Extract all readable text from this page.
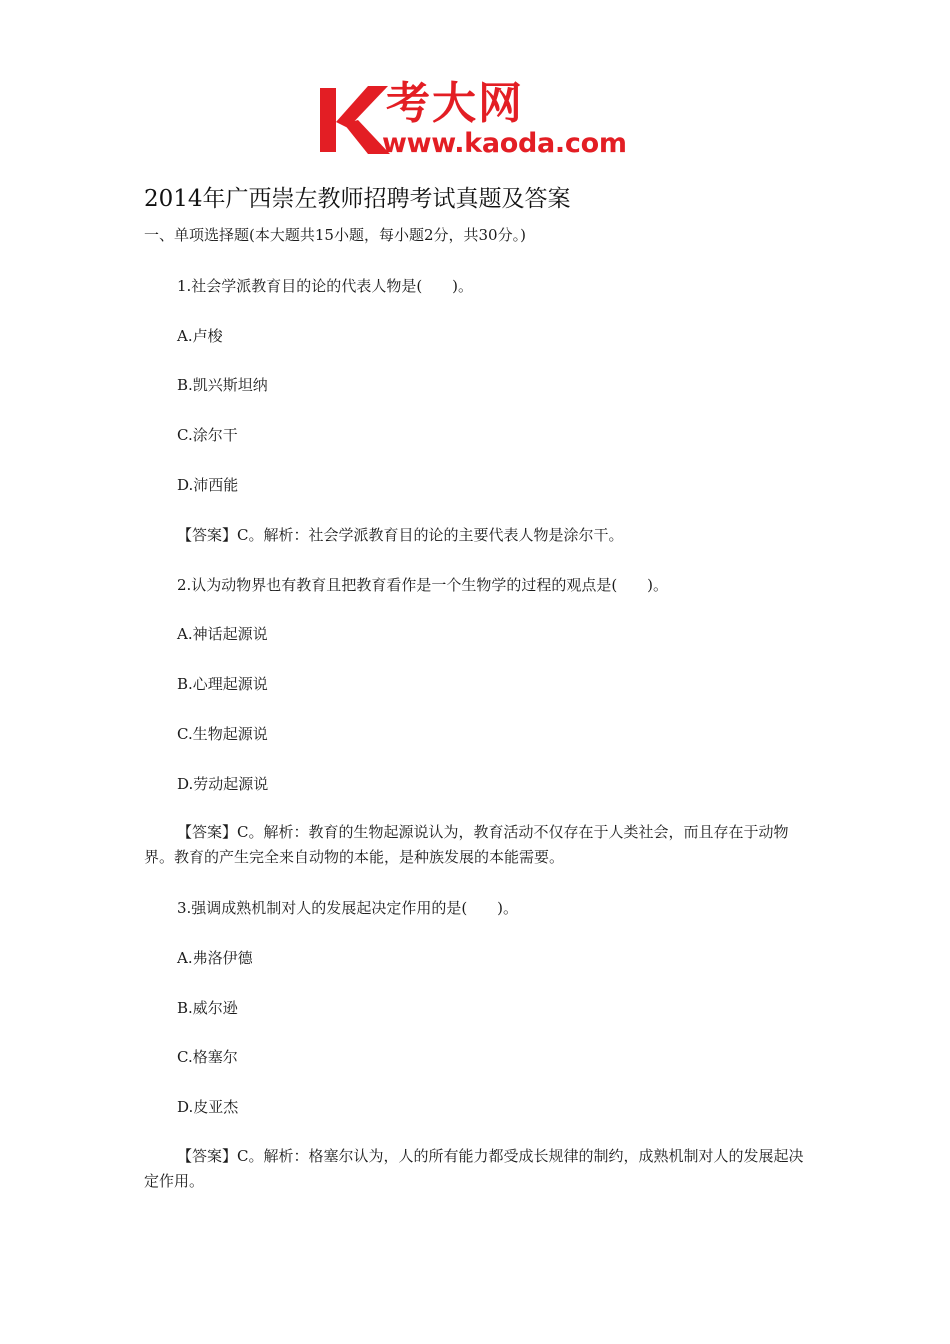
考大网
www.kaoda.com
2014年广西崇左教师招聘考试真题及答案
一、单项选择题(本大题共15小题，每小题2分，共30分。)
1.社会学派教育目的论的代表人物是(　　)。
A.卢梭
B.凯兴斯坦纳
C.涂尔干
D.沛西能
【答案】C。解析：社会学派教育目的论的主要代表人物是涂尔干。
2.认为动物界也有教育且把教育看作是一个生物学的过程的观点是(　　)。
A.神话起源说
B.心理起源说
C.生物起源说
D.劳动起源说
【答案】C。解析：教育的生物起源说认为，教育活动不仅存在于人类社会，而且存在于动物界。教育的产生完全来自动物的本能，是种族发展的本能需要。
3.强调成熟机制对人的发展起决定作用的是(　　)。
A.弗洛伊德
B.威尔逊
C.格塞尔
D.皮亚杰
【答案】C。解析：格塞尔认为，人的所有能力都受成长规律的制约，成熟机制对人的发展起决定作用。
